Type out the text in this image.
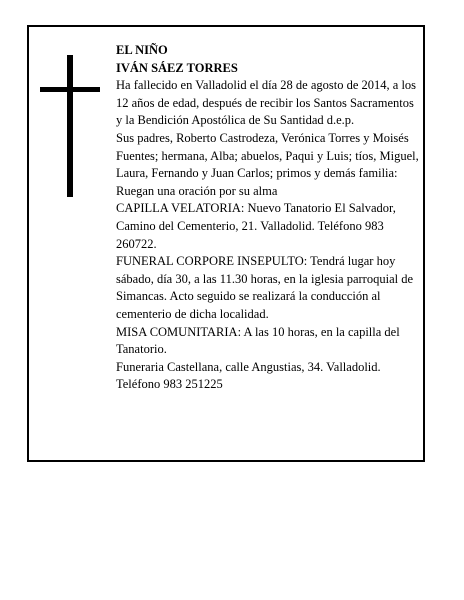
EL NIÑO

IVÁN SÁEZ TORRES

Ha fallecido en Valladolid el día 28 de agosto de 2014, a los 12 años de edad, después de recibir los Santos Sacramentos y la Bendición Apostólica de Su Santidad d.e.p.

Sus padres, Roberto Castrodeza, Verónica Torres y Moisés Fuentes; hermana, Alba; abuelos, Paqui y Luis; tíos, Miguel, Laura, Fernando y Juan Carlos; primos y demás familia:

Ruegan una oración por su alma

CAPILLA VELATORIA: Nuevo Tanatorio El Salvador, Camino del Cementerio, 21. Valladolid. Teléfono 983 260722.

FUNERAL CORPORE INSEPULTO: Tendrá lugar hoy sábado, día 30, a las 11.30 horas, en la iglesia parroquial de Simancas. Acto seguido se realizará la conducción al cementerio de dicha localidad.

MISA COMUNITARIA: A las 10 horas, en la capilla del Tanatorio.

Funeraria Castellana, calle Angustias, 34. Valladolid. Teléfono 983 251225
